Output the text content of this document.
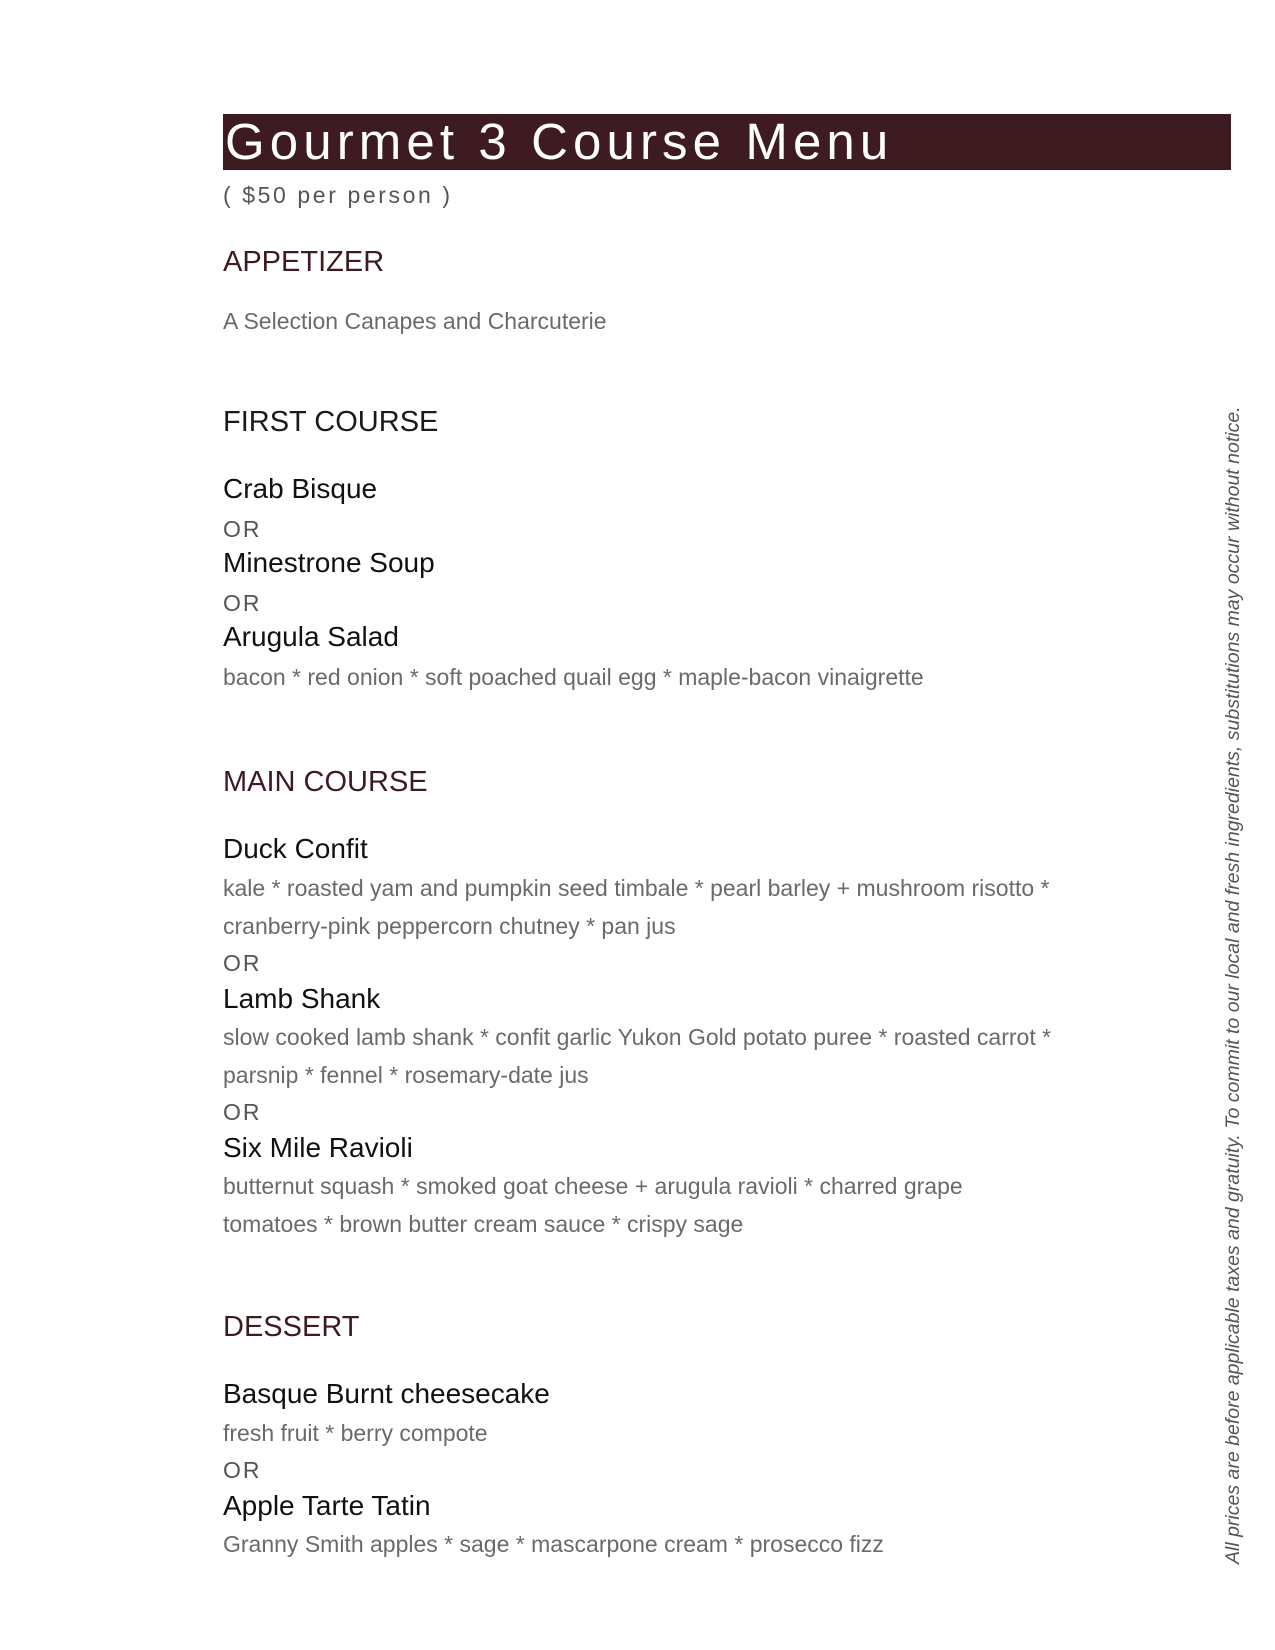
Gourmet 3 Course Menu
( $50 per person )
APPETIZER
A Selection Canapes and Charcuterie
FIRST COURSE
Crab Bisque
OR
Minestrone Soup
OR
Arugula Salad
bacon * red onion * soft poached quail egg * maple-bacon vinaigrette
MAIN COURSE
Duck Confit
kale * roasted yam and pumpkin seed timbale * pearl barley + mushroom risotto *
cranberry-pink peppercorn chutney * pan jus
OR
Lamb Shank
slow cooked lamb shank * confit garlic Yukon Gold potato puree * roasted carrot *
parsnip * fennel * rosemary-date jus
OR
Six Mile Ravioli
butternut squash * smoked goat cheese + arugula ravioli * charred grape
tomatoes * brown butter cream sauce * crispy sage
DESSERT
Basque Burnt cheesecake
fresh fruit * berry compote
OR
Apple Tarte Tatin
Granny Smith apples * sage * mascarpone cream * prosecco fizz	All prices are before applicable taxes and gratuity. To commit to our local and fresh ingredients, substitutions may occur without notice.
